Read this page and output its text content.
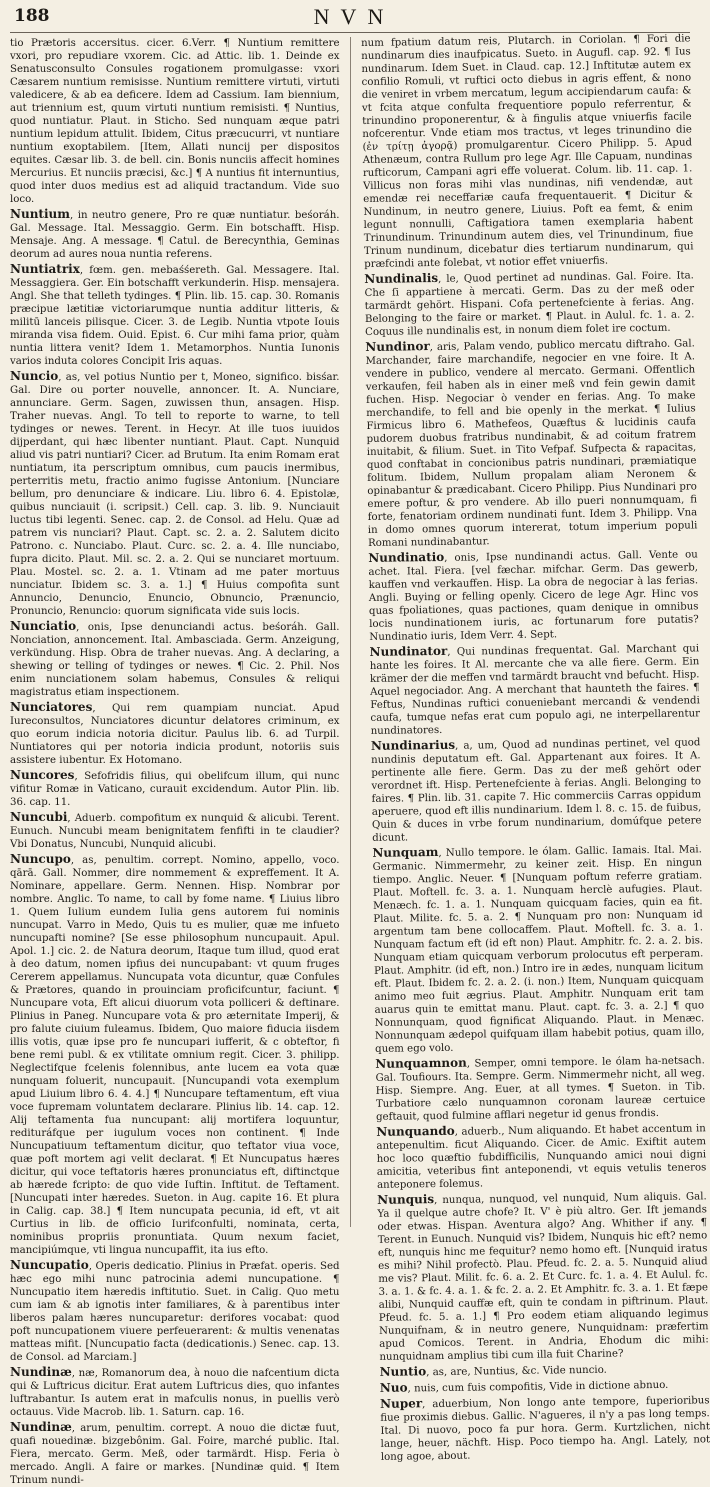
188	N V N

tio Prætoris accersitus. cicer. 6.Verr. ¶ Nuntium remittere vxori, pro repudiare vxorem. Cic. ad Attic. lib. 1. Deinde ex Senatusconsulto Consules rogationem promulgasse: vxori Cæsarem nuntium remisisse. Nuntium remittere virtuti, virtuti valedicere, & ab ea deficere. Idem ad Cassium. Iam biennium, aut triennium est, quum virtuti nuntium remisisti. ¶ Nuntius, quod nuntiatur. Plaut. in Sticho. Sed nunquam æque patri nuntium lepidum attulit. Ibidem, Citus præcucurri, vt nuntiare nuntium exoptabilem. [Item, Allati nuncij per dispositos equites. Cæsar lib. 3. de bell. cin. Bonis nunciis affecit homines Mercurius. Et nunciis præcisi, &c.] ¶ A nuntius fit internuntius, quod inter duos medius est ad aliquid tractandum. Vide suo loco.

Nuntium, in neutro genere, Pro re quæ nuntiatur. beśoráh. Gal. Message. Ital. Messaggio. Germ. Ein botschafft. Hisp. Mensaje. Ang. A message. ¶ Catul. de Berecynthia, Geminas deorum ad aures noua nuntia referens.

Nuntiatrix, fœm. gen. mebaśśereth. Gal. Messagere. Ital. Messaggiera. Ger. Ein botschafft verkunderin. Hisp. mensajera. Angl. She that telleth tydinges. ¶ Plin. lib. 15. cap. 30. Romanis præcipue lætitiæ victoriarumque nuntia additur litteris, & militū lanceis pilisque. Cicer. 3. de Legib. Nuntia vtpote Iouis miranda visa fidem. Ouid. Epist. 6. Cur mihi fama prior, quàm nuntia littera venit? Idem 1. Metamorphos. Nuntia Iunonis varios induta colores Concipit Iris aquas.

Nuncio, as, vel potius Nuntio per t, Moneo, significo. bisśar. Gal. Dire ou porter nouvelle, annoncer. It. A. Nunciare, annunciare. Germ. Sagen, zuwissen thun, ansagen. Hisp. Traher nuevas. Angl. To tell to reporte to warne, to tell tydinges or newes. Terent. in Hecyr. At ille tuos iuuidos dijperdant, qui hæc libenter nuntiant. Plaut. Capt. Nunquid aliud vis patri nuntiari? Cicer. ad Brutum. Ita enim Romam erat nuntiatum, ita perscriptum omnibus, cum paucis inermibus, perterritis metu, fractio animo fugisse Antonium. [Nunciare bellum, pro denunciare & indicare. Liu. libro 6. 4. Epistolæ, quibus nunciauit (i. scripsit.) Cell. cap. 3. lib. 9. Nunciauit luctus tibi legenti. Senec. cap. 2. de Consol. ad Helu. Quæ ad patrem vis nunciari? Plaut. Capt. sc. 2. a. 2. Salutem dicito Patrono. c. Nunciabo. Plaut. Curc. sc. 2. a. 4. Ille nunciabo, fupra dicito. Plaut. Mil. sc. 2. a. 2. Qui se nunciaret mortuum. Plau. Mostel. sc. 2. a. 1. Vtinam ad me pater mortuus nunciatur. Ibidem sc. 3. a. 1.] ¶ Huius compofita sunt Annuncio, Denuncio, Enuncio, Obnuncio, Prænuncio, Pronuncio, Renuncio: quorum significata vide suis locis.

Nunciatio, onis, Ipse denunciandi actus. beśoráh. Gall. Nonciation, annoncement. Ital. Ambasciada. Germ. Anzeigung, verkündung. Hisp. Obra de traher nuevas. Ang. A declaring, a shewing or telling of tydinges or newes. ¶ Cic. 2. Phil. Nos enim nunciationem solam habemus, Consules & reliqui magistratus etiam inspectionem.

Nunciatores, Qui rem quampiam nunciat. Apud Iureconsultos, Nunciatores dicuntur delatores criminum, ex quo eorum indicia notoria dicitur. Paulus lib. 6. ad Turpil. Nuntiatores qui per notoria indicia produnt, notoriis suis assistere iubentur. Ex Hotomano.

Nuncores, Sefofridis filius, qui obelifcum illum, qui nunc vifitur Romæ in Vaticano, curauit excidendum. Autor Plin. lib. 36. cap. 11.

Nuncubi, Aduerb. compofitum ex nunquid & alicubi. Terent. Eunuch. Nuncubi meam benignitatem fenfifti in te claudier? Vbi Donatus, Nuncubi, Nunquid alicubi.

Nuncupo, as, penultim. corrept. Nomino, appello, voco. qārā. Gall. Nommer, dire nommement & expreffement. It A. Nominare, appellare. Germ. Nennen. Hisp. Nombrar por nombre. Anglic. To name, to call by fome name. ¶ Liuius libro 1. Quem Iulium eundem Iulia gens autorem fui nominis nuncupat. Varro in Medo, Quis tu es mulier, quæ me infueto nuncupafti nomine? [Se esse philosophum nuncupauit. Apul. Apol. 1.] cic. 2. de Natura deorum, Itaque tum illud, quod erat à deo datum, nomen ipfius dei nuncupabant: vt quum fruges Cererem appellamus. Nuncupata vota dicuntur, quæ Confules & Prætores, quando in prouinciam proficifcuntur, faciunt. ¶ Nuncupare vota, Eft alicui diuorum vota polliceri & deftinare. Plinius in Paneg. Nuncupare vota & pro æternitate Imperij, & pro falute ciuium fuleamus. Ibidem, Quo maiore fiducia iisdem illis votis, quæ ipse pro fe nuncupari iufferit, & c obteftor, fi bene remi publ. & ex vtilitate omnium regit. Cicer. 3. philipp. Neglectifque fcelenis folennibus, ante lucem ea vota quæ nunquam foluerit, nuncupauit. [Nuncupandi vota exemplum apud Liuium libro 6. 4. 4.] ¶ Nuncupare teftamentum, eft viua voce fupremam voluntatem declarare. Plinius lib. 14. cap. 12. Alij teftamenta fua nuncupant: alij mortifera loquuntur, redituráfque per iugulum voces non continent. ¶ Inde Nuncupatiuum teftamentum dicitur, quo teftator viua voce, quæ poft mortem agi velit declarat. ¶ Et Nuncupatus hæres dicitur, qui voce teftatoris hæres pronunciatus eft, diftinctque ab hærede fcripto: de quo vide Iuftin. Inftitut. de Teftament. [Nuncupati inter hæredes. Sueton. in Aug. capite 16. Et plura in Calig. cap. 38.] ¶ Item nuncupata pecunia, id eft, vt ait Curtius in lib. de officio Iurifconfulti, nominata, certa, nominibus propriis pronuntiata. Quum nexum faciet, mancipiúmque, vti lingua nuncupaffit, ita ius efto.

Nuncupatio, Operis dedicatio. Plinius in Præfat. operis. Sed hæc ego mihi nunc patrocinia ademi nuncupatione. ¶ Nuncupatio item hæredis inftitutio. Suet. in Calig. Quo metu cum iam & ab ignotis inter familiares, & à parentibus inter liberos palam hæres nuncuparetur: derifores vocabat: quod poft nuncupationem viuere perfeuerarent: & multis venenatas matteas mifit. [Nuncupatio facta (dedicationis.) Senec. cap. 13. de Consol. ad Marciam.]

Nundinæ, næ, Romanorum dea, à nouo die nafcentium dicta qui & Luftricus dicitur. Erat autem Luftricus dies, quo infantes luftrabantur. Is autem erat in mafculis nonus, in puellis verò octauus. Vide Macrob. lib. 1. Saturn. cap. 16.

Nundinæ, arum, penultim. corrept. A nouo die dictæ fuut, quafi nouedinæ. bizgebônim. Gal. Foire, marché public. Ital. Fiera, mercato. Germ. Meß, oder tarmärdt. Hisp. Feria ò mercado. Angli. A faire or markes. [Nundinæ quid. ¶ Item Trinum nundi-

num fpatium datum reis, Plutarch. in Coriolan. ¶ Fori die nundinarum dies inaufpicatus. Sueto. in Augufl. cap. 92. ¶ Ius nundinarum. Idem Suet. in Claud. cap. 12.] Inftitutæ autem ex confilio Romuli, vt ruftici octo diebus in agris effent, & nono die veniret in vrbem mercatum, legum accipiendarum caufa: & vt fcita atque confulta frequentiore populo referrentur, & trinundino proponerentur, & à fingulis atque vniuerfis facile nofcerentur. Vnde etiam mos tractus, vt leges trinundino die (ἐν τρίτῃ ἀγορᾷ) promulgarentur. Cicero Philipp. 5. Apud Athenæum, contra Rullum pro lege Agr. Ille Capuam, nundinas rufticorum, Campani agri effe voluerat. Colum. lib. 11. cap. 1. Villicus non foras mihi vlas nundinas, nifi vendendæ, aut emendæ rei neceffariæ caufa frequentauerit. ¶ Dicitur & Nundinum, in neutro genere, Liuius. Poft ea femt, & enim legunt nonnulli, Caftigatiora tamen exemplaria habent Trinundinum. Trinundinum autem dies, vel Trinundinum, fiue Trinum nundinum, dicebatur dies tertiarum nundinarum, qui præfcindi ante folebat, vt notior effet vniuerfis.

Nundinalis, le, Quod pertinet ad nundinas. Gal. Foire. Ita. Che ſi appartiene à mercati. Germ. Das zu der meß oder tarmärdt gehört. Hispani. Cofa pertenefciente à ferias. Ang. Belonging to the faire or market. ¶ Plaut. in Aulul. fc. 1. a. 2. Coquus ille nundinalis est, in nonum diem folet ire coctum.

Nundinor, aris, Palam vendo, publico mercatu diftraho. Gal. Marchander, faire marchandife, negocier en vne foire. It A. vendere in publico, vendere al mercato. Germani. Offentlich verkaufen, feil haben als in einer meß vnd fein gewin damit fuchen. Hisp. Negociar ò vender en ferias. Ang. To make merchandife, to fell and bie openly in the merkat. ¶ Iulius Firmicus libro 6. Mathefeos, Quæftus & lucidinis caufa pudorem duobus fratribus nundinabit, & ad coitum fratrem inuitabit, & filium. Suet. in Tito Vefpaf. Sufpecta & rapacitas, quod conftabat in concionibus patris nundinari, præmiatique folitum. Ibidem, Nullum propalam aliam Neronem & opinabantur & prædicabant. Cicero Philipp. Pius Nundinari pro emere poftur, & pro vendere. Ab illo pueri nonnumquam, fi forte, fenatoriam ordinem nundinati funt. Idem 3. Philipp. Vna in domo omnes quorum intererat, totum imperium populi Romani nundinabantur.

Nundinatio, onis, Ipse nundinandi actus. Gall. Vente ou achet. Ital. Fiera. [vel fæchar. mifchar. Germ. Das gewerb, kauffen vnd verkauffen. Hisp. La obra de negociar à las ferias. Angli. Buying or felling openly. Cicero de lege Agr. Hinc vos quas fpoliationes, quas pactiones, quam denique in omnibus locis nundinationem iuris, ac fortunarum fore putatis? Nundinatio iuris, Idem Verr. 4. Sept.

Nundinator, Qui nundinas frequentat. Gal. Marchant qui hante les foires. It Al. mercante che va alle fiere. Germ. Ein krämer der die meffen vnd tarmärdt braucht vnd befucht. Hisp. Aquel negociador. Ang. A merchant that haunteth the faires. ¶ Feftus, Nundinas ruftici conueniebant mercandi & vendendi caufa, tumque nefas erat cum populo agi, ne interpellarentur nundinatores.

Nundinarius, a, um, Quod ad nundinas pertinet, vel quod nundinis deputatum eft. Gal. Appartenant aux foires. It A. pertinente alle fiere. Germ. Das zu der meß gehört oder verordnet ift. Hisp. Pertenefciente à ferias. Angli. Belonging to faires. ¶ Plin. lib. 31. capite 7. Hic commerciis Carras oppidum aperuere, quod eft illis nundinarium. Idem l. 8. c. 15. de fuibus, Quin & duces in vrbe forum nundinarium, domúfque petere dicunt.

Nunquam, Nullo tempore. le ólam. Gallic. Iamais. Ital. Mai. Germanic. Nimmermehr, zu keiner zeit. Hisp. En ningun tiempo. Anglic. Neuer. ¶ [Nunquam poftum referre gratiam. Plaut. Moftell. fc. 3. a. 1. Nunquam herclè aufugies. Plaut. Menæch. fc. 1. a. 1. Nunquam quicquam facies, quin ea fit. Plaut. Milite. fc. 5. a. 2. ¶ Nunquam pro non: Nunquam id argentum tam bene collocaffem. Plaut. Moftell. fc. 3. a. 1. Nunquam factum eft (id eft non) Plaut. Amphitr. fc. 2. a. 2. bis. Nunquam etiam quicquam verborum prolocutus eft perperam. Plaut. Amphitr. (id eft, non.) Intro ire in ædes, nunquam licitum eft. Plaut. Ibidem fc. 2. a. 2. (i. non.) Item, Nunquam quicquam animo meo fuit ægrius. Plaut. Amphitr. Nunquam erit tam auarus quin te emittat manu. Plaut. capt. fc. 3. a. 2.] ¶ quo Nonnunquam, quod fignificat Aliquando. Plaut. in Menæc. Nonnunquam ædepol quifquam illam habebit potius, quam illo, quem ego volo.

Nunquamnon, Semper, omni tempore. le ólam ha-netsach. Gal. Toufiours. Ita. Sempre. Germ. Nimmermehr nicht, all weg. Hisp. Siempre. Ang. Euer, at all tymes. ¶ Sueton. in Tib. Turbatiore cælo nunquamnon coronam laureæ certuice geftauit, quod fulmine afflari negetur id genus frondis.

Nunquando, aduerb., Num aliquando. Et habet accentum in antepenultim. ficut Aliquando. Cicer. de Amic. Exiftit autem hoc loco quæftio fubdifficilis, Nunquando amici noui digni amicitia, veteribus fint anteponendi, vt equis vetulis teneros anteponere folemus.

Nunquis, nunqua, nunquod, vel nunquid, Num aliquis. Gal. Ya il quelque autre chofe? It. V' è più altro. Ger. Ift jemands oder etwas. Hispan. Aventura algo? Ang. Whither if any. ¶ Terent. in Eunuch. Nunquid vis? Ibidem, Nunquis hic eft? nemo eft, nunquis hinc me fequitur? nemo homo eft. [Nunquid iratus es mihi? Nihil profectò. Plau. Pfeud. fc. 2. a. 5. Nunquid aliud me vis? Plaut. Milit. fc. 6. a. 2. Et Curc. fc. 1. a. 4. Et Aulul. fc. 3. a. 1. & fc. 4. a. 1. & fc. 2. a. 2. Et Amphitr. fc. 3. a. 1. Et fæpe alibi, Nunquid cauffæ eft, quin te condam in piftrinum. Plaut. Pfeud. fc. 5. a. 1.] ¶ Pro eodem etiam aliquando legimus Nunquifnam, & in neutro genere, Nunquidnam: præfertim apud Comicos. Terent. in Andria, Ehodum dic mihi: nunquidnam amplius tibi cum illa fuit Charine?

Nuntio, as, are, Nuntius, &c. Vide nuncio.

Nuo, nuis, cum fuis compofitis, Vide in dictione abnuo.

Nuper, aduerbium, Non longo ante tempore, fuperioribus fiue proximis diebus. Gallic. N'agueres, il n'y a pas long temps. Ital. Di nuovo, poco fa pur hora. Germ. Kurtzlichen, nicht lange, heuer, nächft. Hisp. Poco tiempo ha. Angl. Lately, not long agoe, about.
